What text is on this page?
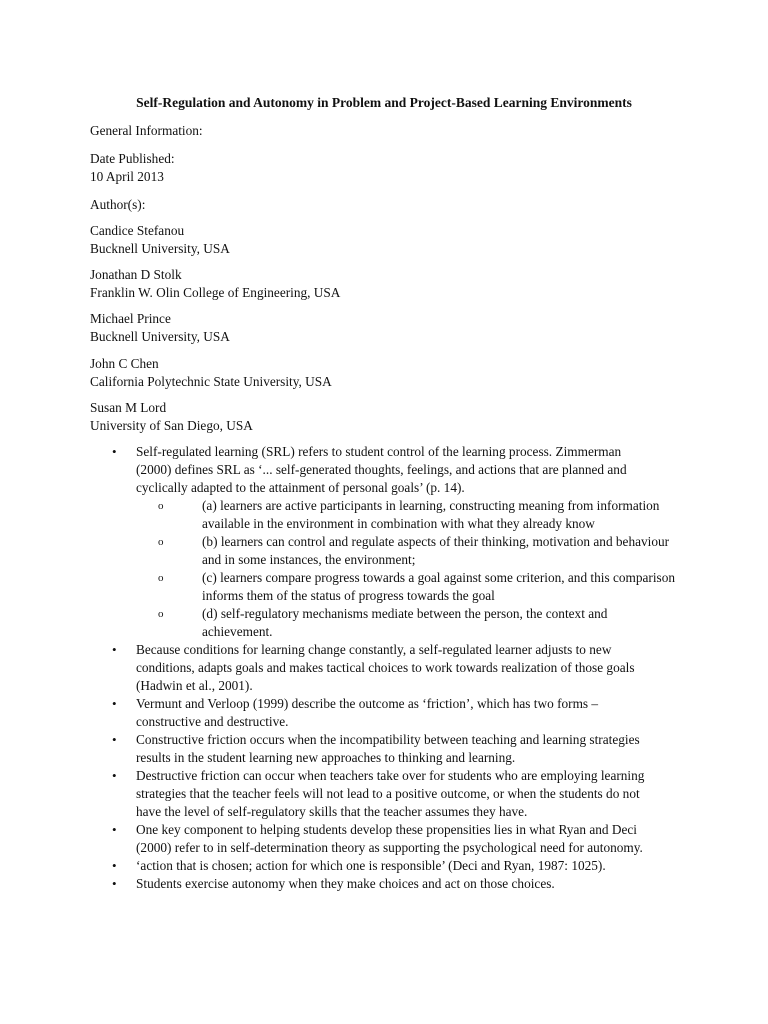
Self-Regulation and Autonomy in Problem and Project-Based Learning Environments
General Information:
Date Published:
10 April 2013
Author(s):
Candice Stefanou
Bucknell University, USA
Jonathan D Stolk
Franklin W. Olin College of Engineering, USA
Michael Prince
Bucknell University, USA
John C Chen
California Polytechnic State University, USA
Susan M Lord
University of San Diego, USA
•	Self-regulated learning (SRL) refers to student control of the learning process. Zimmerman
(2000) defines SRL as ‘... self-generated thoughts, feelings, and actions that are planned and
cyclically adapted to the attainment of personal goals’ (p. 14).
o	(a) learners are active participants in learning, constructing meaning from information
available in the environment in combination with what they already know
o	(b) learners can control and regulate aspects of their thinking, motivation and behaviour
and in some instances, the environment;
o	(c) learners compare progress towards a goal against some criterion, and this comparison
informs them of the status of progress towards the goal
o	(d) self-regulatory mechanisms mediate between the person, the context and
achievement.
•	Because conditions for learning change constantly, a self-regulated learner adjusts to new
conditions, adapts goals and makes tactical choices to work towards realization of those goals
(Hadwin et al., 2001).
•	Vermunt and Verloop (1999) describe the outcome as ‘friction’, which has two forms –
constructive and destructive.
•	Constructive friction occurs when the incompatibility between teaching and learning strategies
results in the student learning new approaches to thinking and learning.
•	Destructive friction can occur when teachers take over for students who are employing learning
strategies that the teacher feels will not lead to a positive outcome, or when the students do not
have the level of self-regulatory skills that the teacher assumes they have.
•	One key component to helping students develop these propensities lies in what Ryan and Deci
(2000) refer to in self-determination theory as supporting the psychological need for autonomy.
•	‘action that is chosen; action for which one is responsible’ (Deci and Ryan, 1987: 1025).
•	Students exercise autonomy when they make choices and act on those choices.
